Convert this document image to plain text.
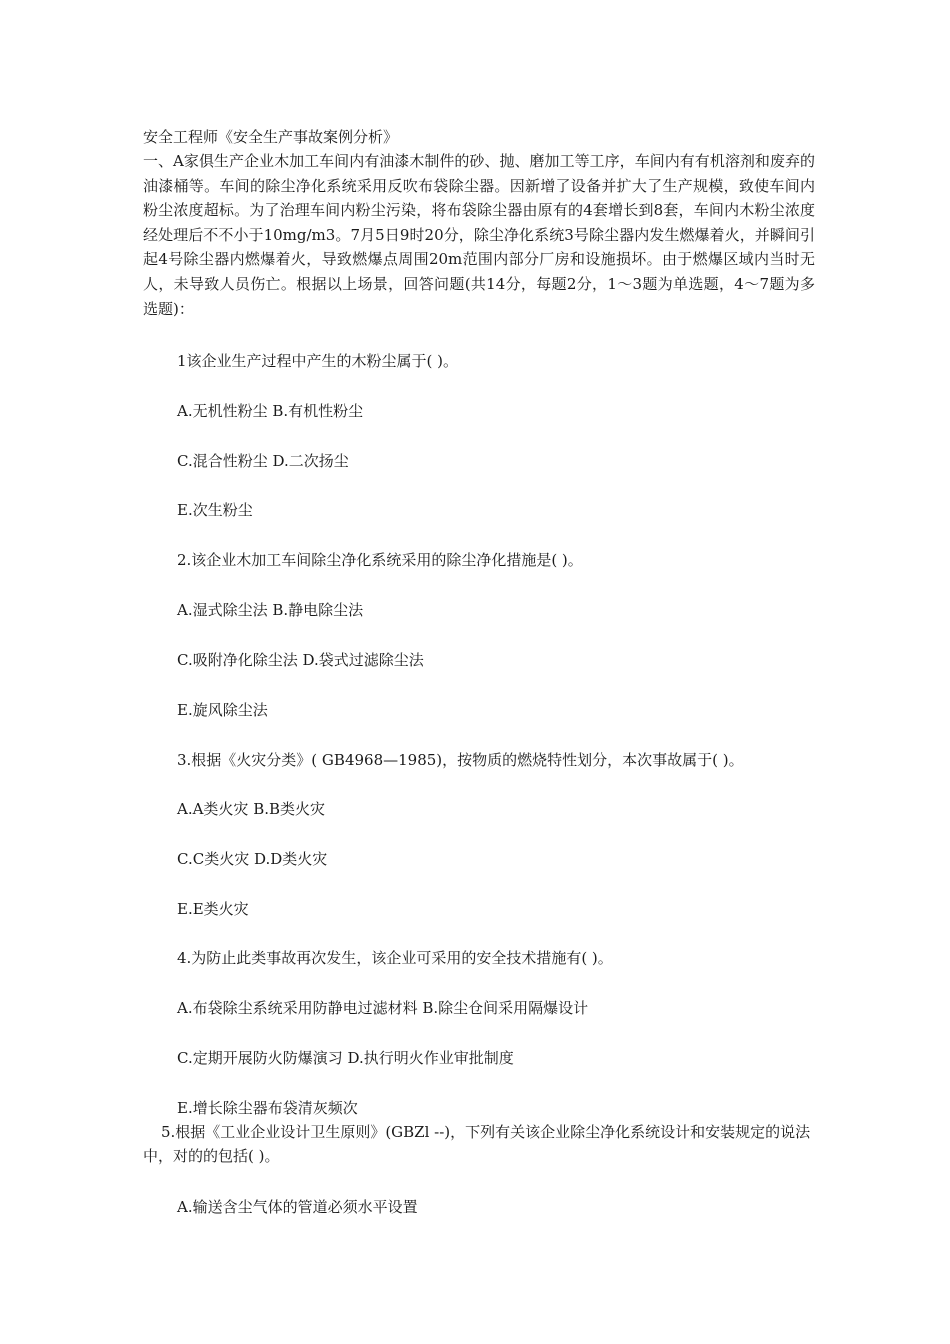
安全工程师《安全生产事故案例分析》
一、A家俱生产企业木加工车间内有油漆木制件的砂、抛、磨加工等工序，车间内有有机溶剂和废弃的油漆桶等。车间的除尘净化系统采用反吹布袋除尘器。因新增了设备并扩大了生产规模，致使车间内粉尘浓度超标。为了治理车间内粉尘污染，将布袋除尘器由原有的4套增长到8套，车间内木粉尘浓度经处理后不不小于10mg/m3。7月5日9时20分，除尘净化系统3号除尘器内发生燃爆着火，并瞬间引起4号除尘器内燃爆着火，导致燃爆点周围20m范围内部分厂房和设施损坏。由于燃爆区域内当时无人，未导致人员伤亡。根据以上场景，回答问题(共14分，每题2分，1～3题为单选题，4～7题为多选题)：
1该企业生产过程中产生的木粉尘属于( )。
A.无机性粉尘 B.有机性粉尘
C.混合性粉尘 D.二次扬尘
E.次生粉尘
2.该企业木加工车间除尘净化系统采用的除尘净化措施是( )。
A.湿式除尘法 B.静电除尘法
C.吸附净化除尘法 D.袋式过滤除尘法
E.旋风除尘法
3.根据《火灾分类》( GB4968—1985)，按物质的燃烧特性划分，本次事故属于( )。
A.A类火灾 B.B类火灾
C.C类火灾 D.D类火灾
E.E类火灾
4.为防止此类事故再次发生，该企业可采用的安全技术措施有( )。
A.布袋除尘系统采用防静电过滤材料 B.除尘仓间采用隔爆设计
C.定期开展防火防爆演习 D.执行明火作业审批制度
E.增长除尘器布袋清灰频次
5.根据《工业企业设计卫生原则》(GBZl --)，下列有关该企业除尘净化系统设计和安装规定的说法中，对的的包括( )。
A.输送含尘气体的管道必须水平设置
